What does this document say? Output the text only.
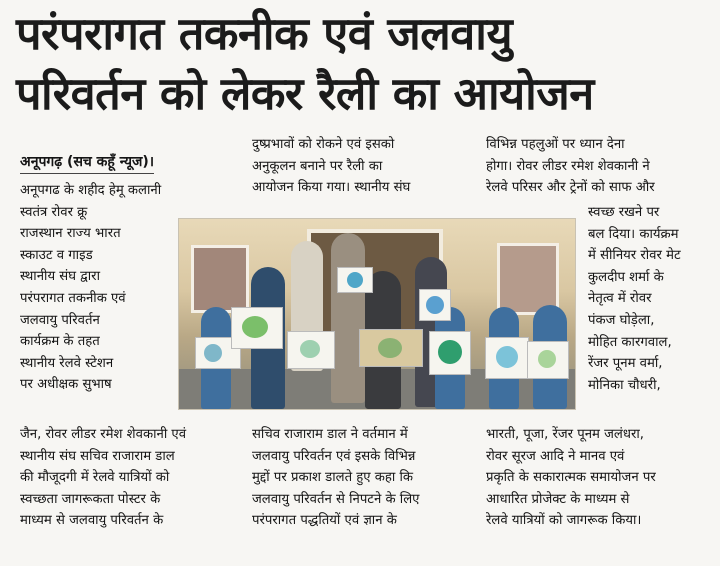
परंपरागत तकनीक एवं जलवायु
परिवर्तन को लेकर रैली का आयोजन
अनूपगढ़ (सच कहूँ न्यूज)।
अनूपगढ के शहीद हेमू कलानी
स्वतंत्र रोवर क्रू
राजस्थान राज्य भारत
स्काउट व गाइड
स्थानीय संघ द्वारा
परंपरागत तकनीक एवं
जलवायु परिवर्तन
कार्यक्रम के तहत
स्थानीय रेलवे स्टेशन
पर अधीक्षक सुभाष
जैन, रोवर लीडर रमेश शेवकानी एवं
स्थानीय संघ सचिव राजाराम डाल
की मौजूदगी में रेलवे यात्रियों को
स्वच्छता जागरूकता पोस्टर के
माध्यम से जलवायु परिवर्तन के
दुष्प्रभावों को रोकने एवं इसको
अनुकूलन बनाने पर रैली का
आयोजन किया गया। स्थानीय संघ
सचिव राजाराम डाल ने वर्तमान में
जलवायु परिवर्तन एवं इसके विभिन्न
मुद्दों पर प्रकाश डालते हुए कहा कि
जलवायु परिवर्तन से निपटने के लिए
परंपरागत पद्धतियों एवं ज्ञान के
विभिन्न पहलुओं पर ध्यान देना
होगा। रोवर लीडर रमेश शेवकानी ने
रेलवे परिसर और ट्रेनों को साफ और
स्वच्छ रखने पर
बल दिया। कार्यक्रम
में सीनियर रोवर मेट
कुलदीप शर्मा के
नेतृत्व में रोवर
पंकज घोड़ेला,
मोहित कारगवाल,
रेंजर पूनम वर्मा,
मोनिका चौधरी,
भारती, पूजा, रेंजर पूनम जलंधरा,
रोवर सूरज आदि ने मानव एवं
प्रकृति के सकारात्मक समायोजन पर
आधारित प्रोजेक्ट के माध्यम से
रेलवे यात्रियों को जागरूक किया।
